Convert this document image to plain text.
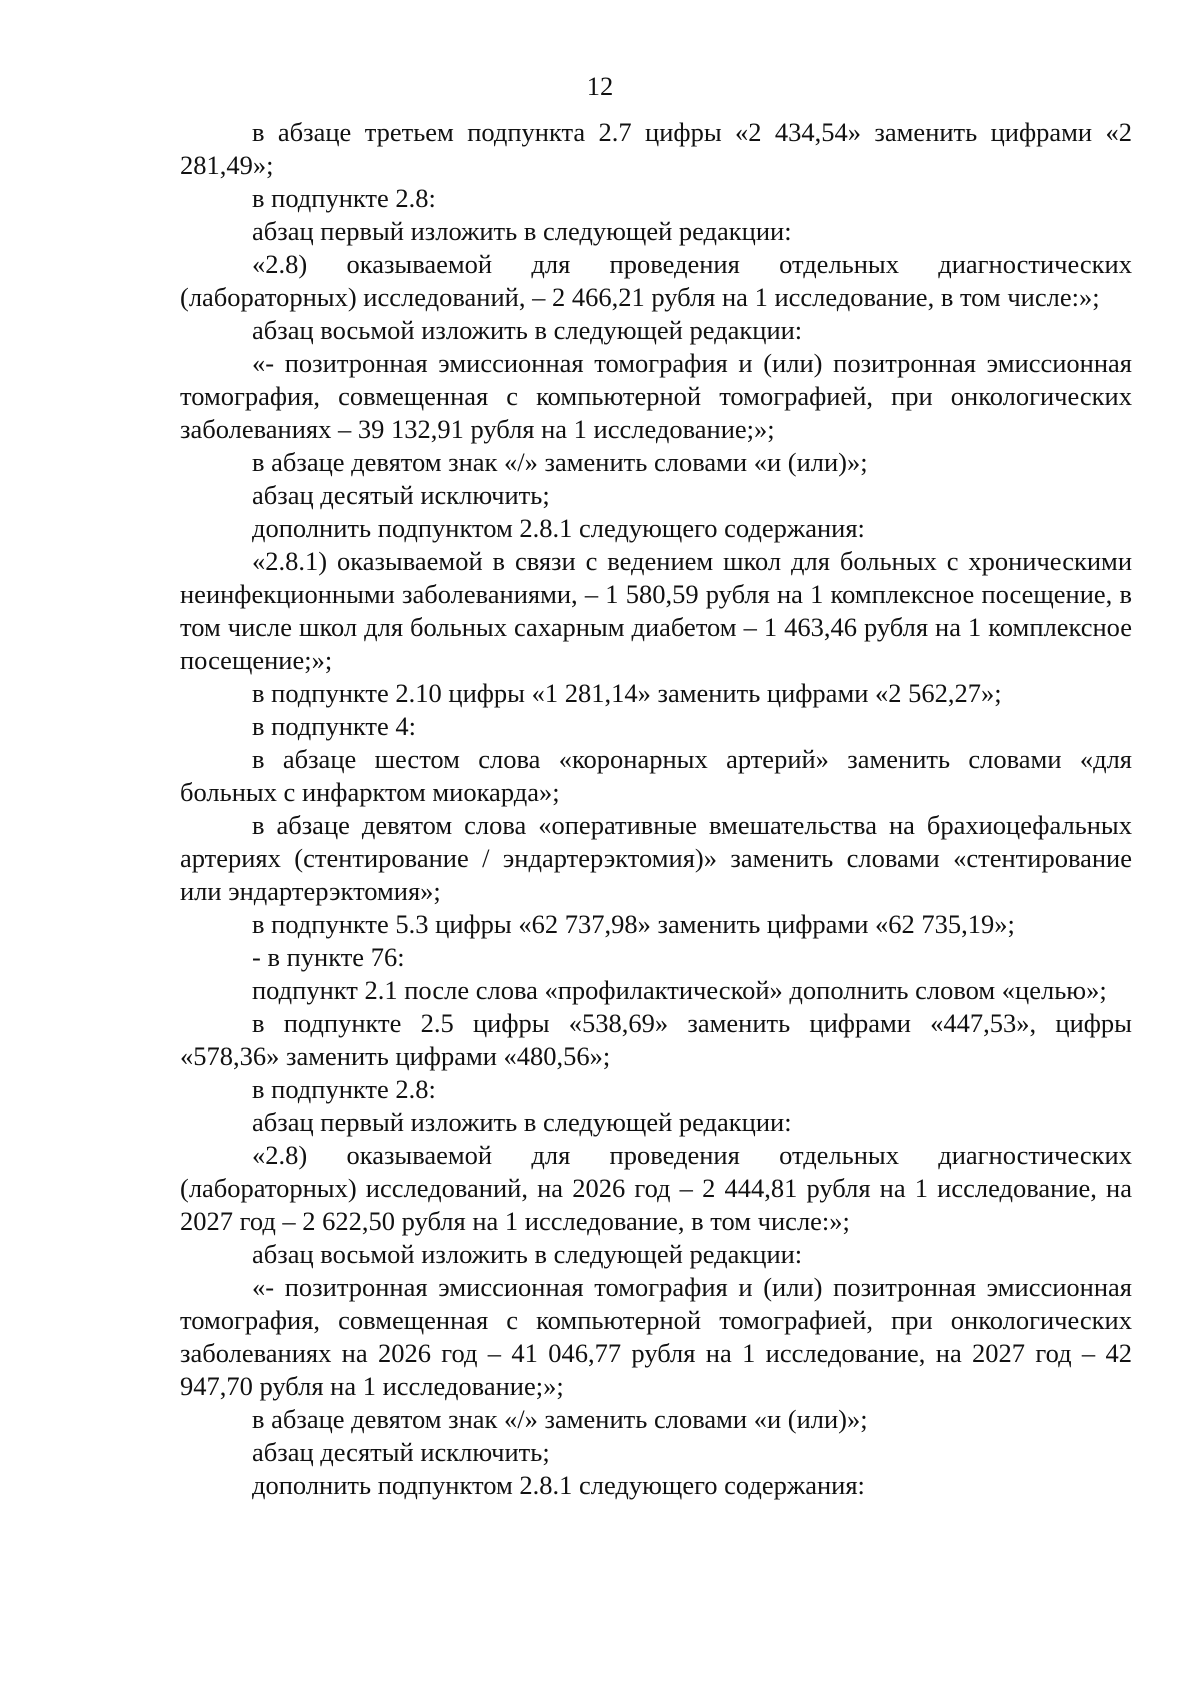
12

в абзаце третьем подпункта 2.7 цифры «2 434,54» заменить цифрами «2 281,49»;

в подпункте 2.8:

абзац первый изложить в следующей редакции:

«2.8) оказываемой для проведения отдельных диагностических (лабораторных) исследований, – 2 466,21 рубля на 1 исследование, в том числе:»;

абзац восьмой изложить в следующей редакции:

«- позитронная эмиссионная томография и (или) позитронная эмиссионная томография, совмещенная с компьютерной томографией, при онкологических заболеваниях – 39 132,91 рубля на 1 исследование;»;

в абзаце девятом знак «/» заменить словами «и (или)»;

абзац десятый исключить;

дополнить подпунктом 2.8.1 следующего содержания:

«2.8.1) оказываемой в связи с ведением школ для больных с хроническими неинфекционными заболеваниями, – 1 580,59 рубля на 1 комплексное посещение, в том числе школ для больных сахарным диабетом – 1 463,46 рубля на 1 комплексное посещение;»;

в подпункте 2.10 цифры «1 281,14» заменить цифрами «2 562,27»;

в подпункте 4:

в абзаце шестом слова «коронарных артерий» заменить словами «для больных с инфарктом миокарда»;

в абзаце девятом слова «оперативные вмешательства на брахиоцефальных артериях (стентирование / эндартерэктомия)» заменить словами «стентирование или эндартерэктомия»;

в подпункте 5.3 цифры «62 737,98» заменить цифрами «62 735,19»;

- в пункте 76:

подпункт 2.1 после слова «профилактической» дополнить словом «целью»;

в подпункте 2.5 цифры «538,69» заменить цифрами «447,53», цифры «578,36» заменить цифрами «480,56»;

в подпункте 2.8:

абзац первый изложить в следующей редакции:

«2.8) оказываемой для проведения отдельных диагностических (лабораторных) исследований, на 2026 год – 2 444,81 рубля на 1 исследование, на 2027 год – 2 622,50 рубля на 1 исследование, в том числе:»;

абзац восьмой изложить в следующей редакции:

«- позитронная эмиссионная томография и (или) позитронная эмиссионная томография, совмещенная с компьютерной томографией, при онкологических заболеваниях на 2026 год – 41 046,77 рубля на 1 исследование, на 2027 год – 42 947,70 рубля на 1 исследование;»;

в абзаце девятом знак «/» заменить словами «и (или)»;

абзац десятый исключить;

дополнить подпунктом 2.8.1 следующего содержания:
